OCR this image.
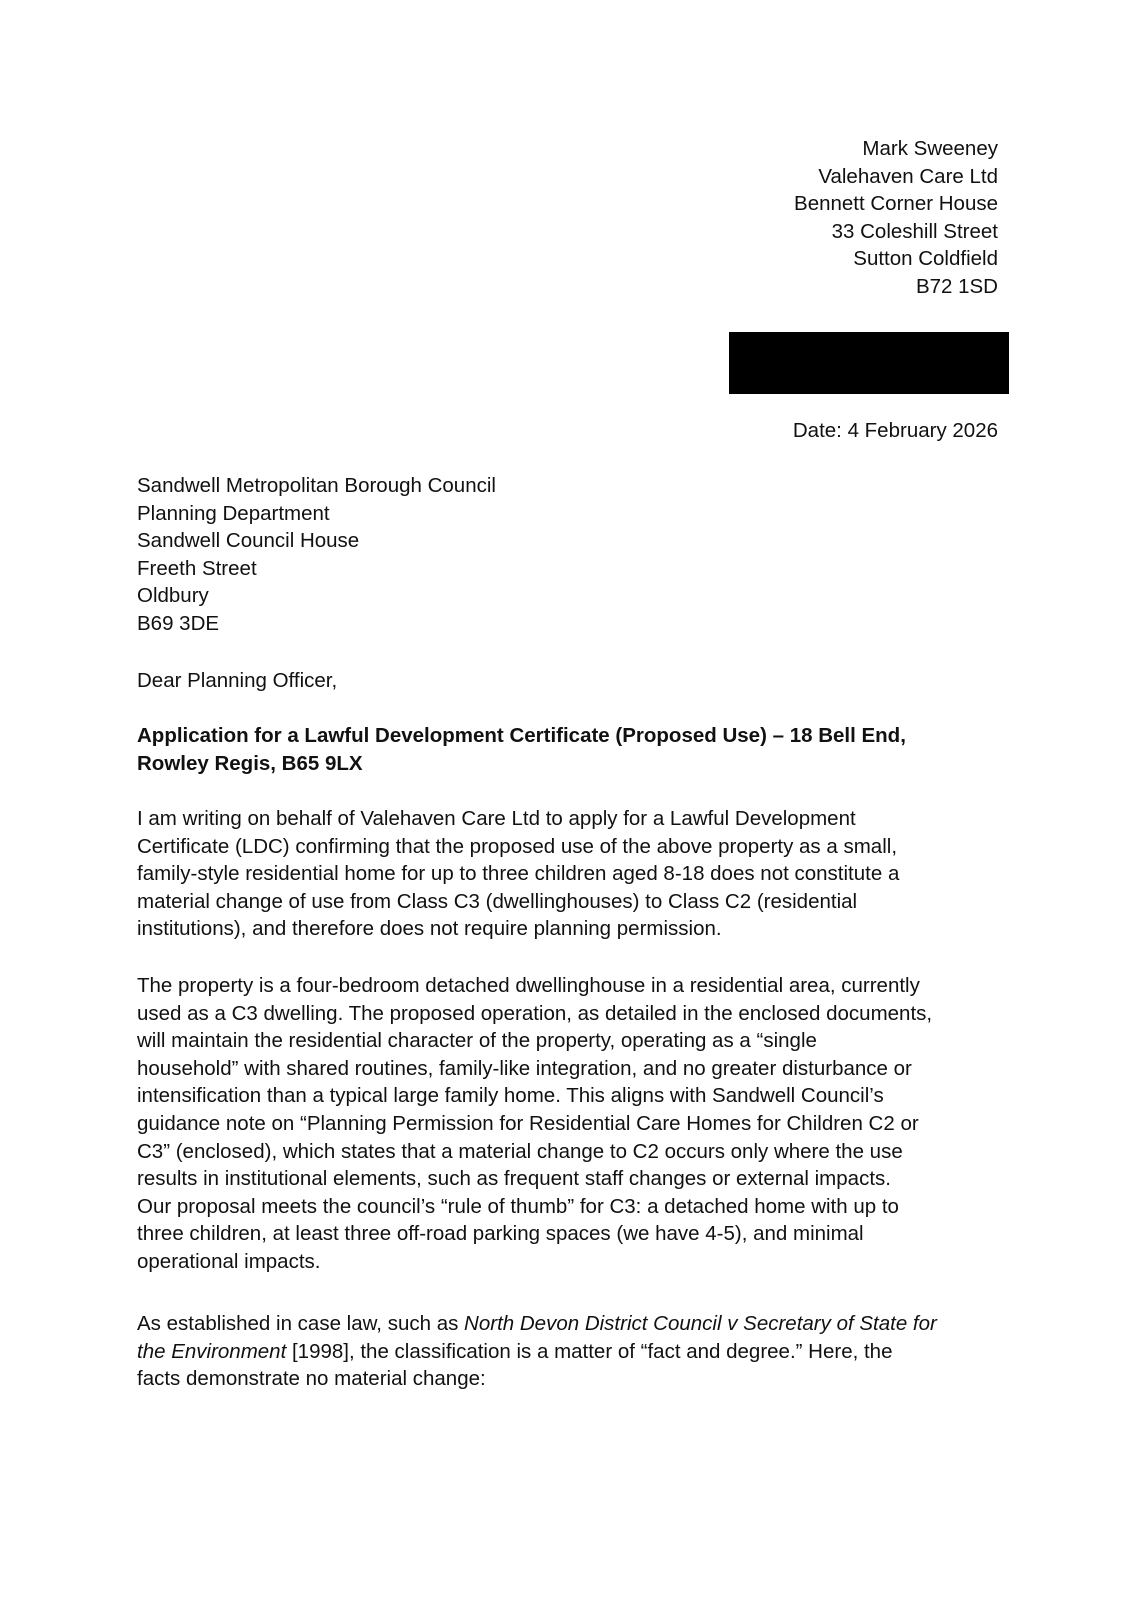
Mark Sweeney
Valehaven Care Ltd
Bennett Corner House
33 Coleshill Street
Sutton Coldfield
B72 1SD
Date: 4 February 2026
Sandwell Metropolitan Borough Council
Planning Department
Sandwell Council House
Freeth Street
Oldbury
B69 3DE
Dear Planning Officer,
Application for a Lawful Development Certificate (Proposed Use) – 18 Bell End,
Rowley Regis, B65 9LX
I am writing on behalf of Valehaven Care Ltd to apply for a Lawful Development
Certificate (LDC) confirming that the proposed use of the above property as a small,
family-style residential home for up to three children aged 8-18 does not constitute a
material change of use from Class C3 (dwellinghouses) to Class C2 (residential
institutions), and therefore does not require planning permission.
The property is a four-bedroom detached dwellinghouse in a residential area, currently
used as a C3 dwelling. The proposed operation, as detailed in the enclosed documents,
will maintain the residential character of the property, operating as a “single
household” with shared routines, family-like integration, and no greater disturbance or
intensification than a typical large family home. This aligns with Sandwell Council’s
guidance note on “Planning Permission for Residential Care Homes for Children C2 or
C3” (enclosed), which states that a material change to C2 occurs only where the use
results in institutional elements, such as frequent staff changes or external impacts.
Our proposal meets the council’s “rule of thumb” for C3: a detached home with up to
three children, at least three off-road parking spaces (we have 4-5), and minimal
operational impacts.
As established in case law, such as North Devon District Council v Secretary of State for
the Environment [1998], the classification is a matter of “fact and degree.” Here, the
facts demonstrate no material change:
